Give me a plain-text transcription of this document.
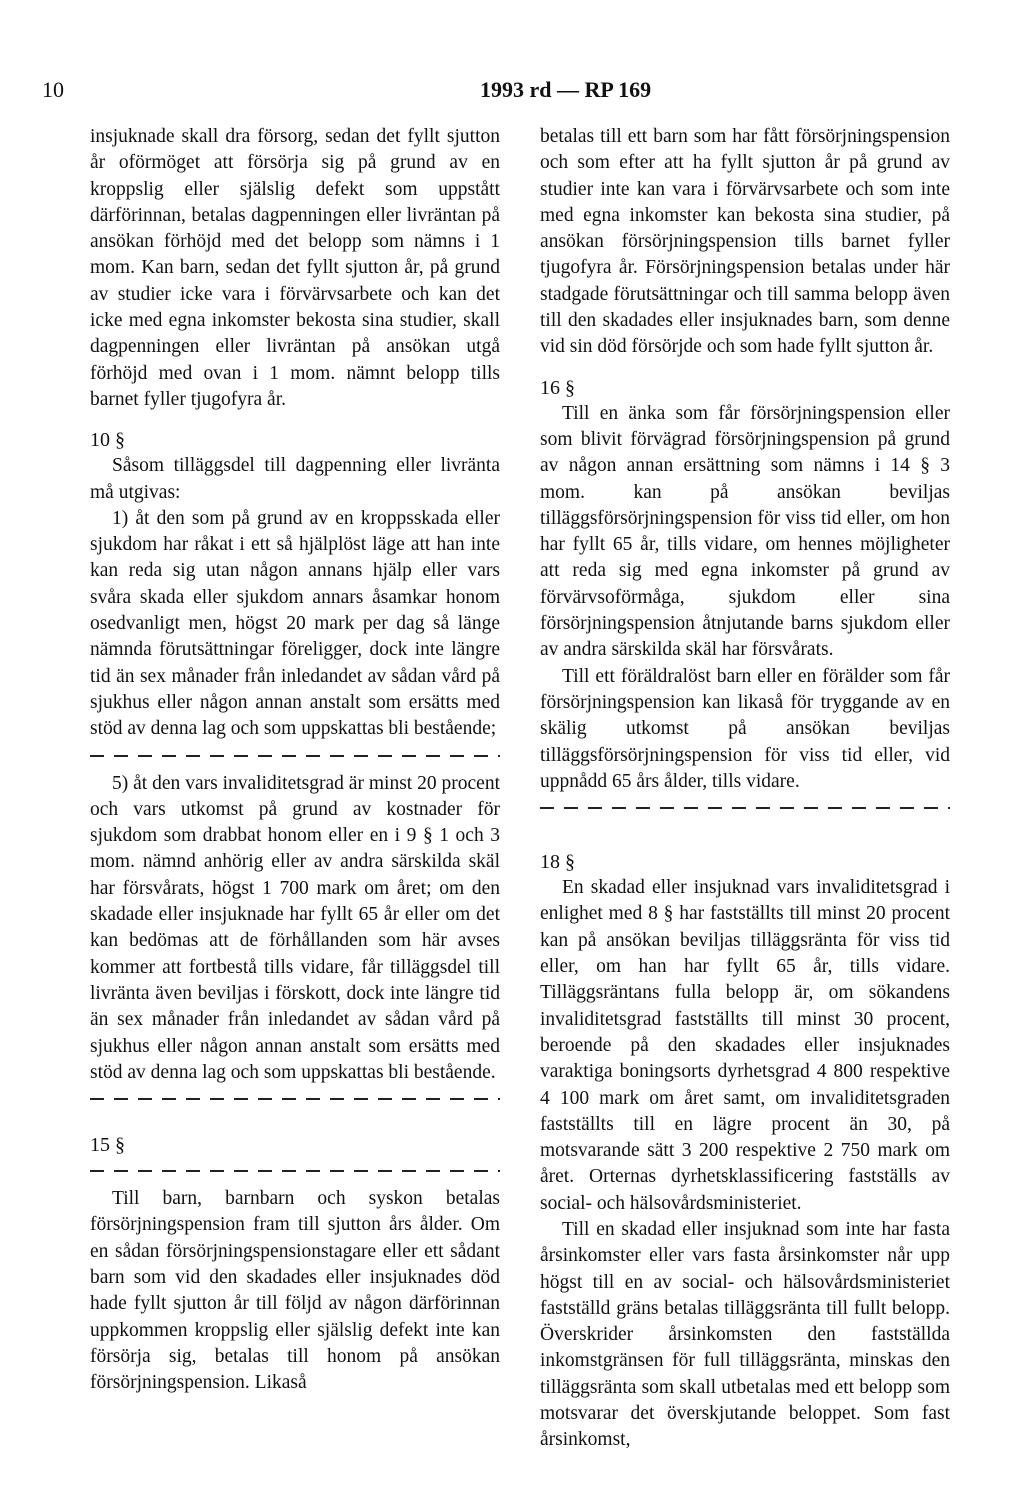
10	1993 rd — RP 169

insjuknade skall dra försorg, sedan det fyllt sjutton år oförmöget att försörja sig på grund av en kroppslig eller själslig defekt som uppstått därförinnan, betalas dagpenningen eller livräntan på ansökan förhöjd med det belopp som nämns i 1 mom. Kan barn, sedan det fyllt sjutton år, på grund av studier icke vara i förvärvsarbete och kan det icke med egna inkomster bekosta sina studier, skall dagpenningen eller livräntan på ansökan utgå förhöjd med ovan i 1 mom. nämnt belopp tills barnet fyller tjugofyra år.

10 §

Såsom tilläggsdel till dagpenning eller livränta må utgivas:

1) åt den som på grund av en kroppsskada eller sjukdom har råkat i ett så hjälplöst läge att han inte kan reda sig utan någon annans hjälp eller vars svåra skada eller sjukdom annars åsamkar honom osedvanligt men, högst 20 mark per dag så länge nämnda förutsättningar föreligger, dock inte längre tid än sex månader från inledandet av sådan vård på sjukhus eller någon annan anstalt som ersätts med stöd av denna lag och som uppskattas bli bestående;

5) åt den vars invaliditetsgrad är minst 20 procent och vars utkomst på grund av kostnader för sjukdom som drabbat honom eller en i 9 § 1 och 3 mom. nämnd anhörig eller av andra särskilda skäl har försvårats, högst 1 700 mark om året; om den skadade eller insjuknade har fyllt 65 år eller om det kan bedömas att de förhållanden som här avses kommer att fortbestå tills vidare, får tilläggsdel till livränta även beviljas i förskott, dock inte längre tid än sex månader från inledandet av sådan vård på sjukhus eller någon annan anstalt som ersätts med stöd av denna lag och som uppskattas bli bestående.

15 §

Till barn, barnbarn och syskon betalas försörjningspension fram till sjutton års ålder. Om en sådan försörjningspensionstagare eller ett sådant barn som vid den skadades eller insjuknades död hade fyllt sjutton år till följd av någon därförinnan uppkommen kroppslig eller själslig defekt inte kan försörja sig, betalas till honom på ansökan försörjningspension. Likaså

betalas till ett barn som har fått försörjningspension och som efter att ha fyllt sjutton år på grund av studier inte kan vara i förvärvsarbete och som inte med egna inkomster kan bekosta sina studier, på ansökan försörjningspension tills barnet fyller tjugofyra år. Försörjningspension betalas under här stadgade förutsättningar och till samma belopp även till den skadades eller insjuknades barn, som denne vid sin död försörjde och som hade fyllt sjutton år.

16 §

Till en änka som får försörjningspension eller som blivit förvägrad försörjningspension på grund av någon annan ersättning som nämns i 14 § 3 mom. kan på ansökan beviljas tilläggsförsörjningspension för viss tid eller, om hon har fyllt 65 år, tills vidare, om hennes möjligheter att reda sig med egna inkomster på grund av förvärvsoförmåga, sjukdom eller sina försörjningspension åtnjutande barns sjukdom eller av andra särskilda skäl har försvårats.

Till ett föräldralöst barn eller en förälder som får försörjningspension kan likaså för tryggande av en skälig utkomst på ansökan beviljas tilläggsförsörjningspension för viss tid eller, vid uppnådd 65 års ålder, tills vidare.

18 §

En skadad eller insjuknad vars invaliditetsgrad i enlighet med 8 § har fastställts till minst 20 procent kan på ansökan beviljas tilläggsränta för viss tid eller, om han har fyllt 65 år, tills vidare. Tilläggsräntans fulla belopp är, om sökandens invaliditetsgrad fastställts till minst 30 procent, beroende på den skadades eller insjuknades varaktiga boningsorts dyrhetsgrad 4 800 respektive 4 100 mark om året samt, om invaliditetsgraden fastställts till en lägre procent än 30, på motsvarande sätt 3 200 respektive 2 750 mark om året. Orternas dyrhetsklassificering fastställs av social- och hälsovårdsministeriet.

Till en skadad eller insjuknad som inte har fasta årsinkomster eller vars fasta årsinkomster når upp högst till en av social- och hälsovårdsministeriet fastställd gräns betalas tilläggsränta till fullt belopp. Överskrider årsinkomsten den fastställda inkomstgränsen för full tilläggsränta, minskas den tilläggsränta som skall utbetalas med ett belopp som motsvarar det överskjutande beloppet. Som fast årsinkomst,
